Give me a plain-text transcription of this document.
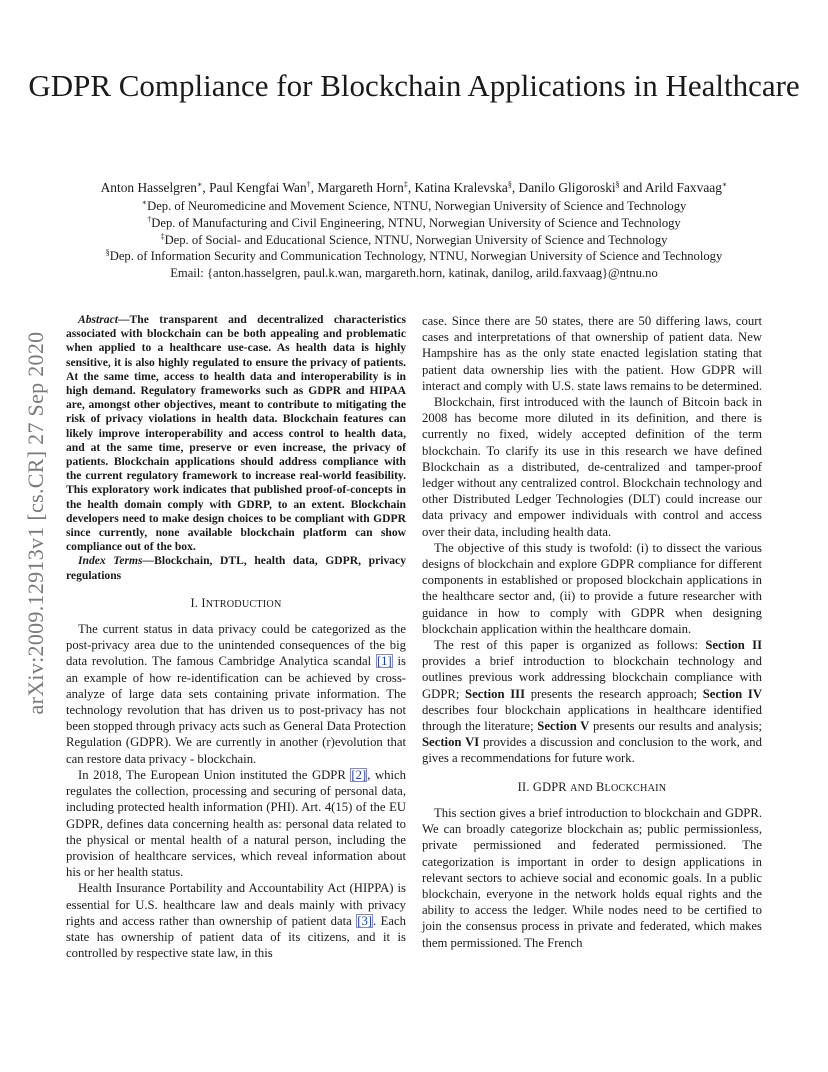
GDPR Compliance for Blockchain Applications in Healthcare
Anton Hasselgren∗, Paul Kengfai Wan†, Margareth Horn‡, Katina Kralevska§, Danilo Gligoroski§ and Arild Faxvaag∗
∗Dep. of Neuromedicine and Movement Science, NTNU, Norwegian University of Science and Technology
†Dep. of Manufacturing and Civil Engineering, NTNU, Norwegian University of Science and Technology
‡Dep. of Social- and Educational Science, NTNU, Norwegian University of Science and Technology
§Dep. of Information Security and Communication Technology, NTNU, Norwegian University of Science and Technology
Email: {anton.hasselgren, paul.k.wan, margareth.horn, katinak, danilog, arild.faxvaag}@ntnu.no
arXiv:2009.12913v1 [cs.CR] 27 Sep 2020

Abstract—The transparent and decentralized characteristics associated with blockchain can be both appealing and problematic when applied to a healthcare use-case. As health data is highly sensitive, it is also highly regulated to ensure the privacy of patients. At the same time, access to health data and interoperability is in high demand. Regulatory frameworks such as GDPR and HIPAA are, amongst other objectives, meant to contribute to mitigating the risk of privacy violations in health data. Blockchain features can likely improve interoperability and access control to health data, and at the same time, preserve or even increase, the privacy of patients. Blockchain applications should address compliance with the current regulatory framework to increase real-world feasibility. This exploratory work indicates that published proof-of-concepts in the health domain comply with GDRP, to an extent. Blockchain developers need to make design choices to be compliant with GDPR since currently, none available blockchain platform can show compliance out of the box.

Index Terms—Blockchain, DTL, health data, GDPR, privacy regulations

I. INTRODUCTION

The current status in data privacy could be categorized as the post-privacy area due to the unintended consequences of the big data revolution. The famous Cambridge Analytica scandal [1] is an example of how re-identification can be achieved by cross-analyze of large data sets containing private information. The technology revolution that has driven us to post-privacy has not been stopped through privacy acts such as General Data Protection Regulation (GDPR). We are currently in another (r)evolution that can restore data privacy - blockchain.

In 2018, The European Union instituted the GDPR [2], which regulates the collection, processing and securing of personal data, including protected health information (PHI). Art. 4(15) of the EU GDPR, defines data concerning health as: personal data related to the physical or mental health of a natural person, including the provision of healthcare services, which reveal information about his or her health status.

Health Insurance Portability and Accountability Act (HIPPA) is essential for U.S. healthcare law and deals mainly with privacy rights and access rather than ownership of patient data [3]. Each state has ownership of patient data of its citizens, and it is controlled by respective state law, in this

case. Since there are 50 states, there are 50 differing laws, court cases and interpretations of that ownership of patient data. New Hampshire has as the only state enacted legislation stating that patient data ownership lies with the patient. How GDPR will interact and comply with U.S. state laws remains to be determined.

Blockchain, first introduced with the launch of Bitcoin back in 2008 has become more diluted in its definition, and there is currently no fixed, widely accepted definition of the term blockchain. To clarify its use in this research we have defined Blockchain as a distributed, de-centralized and tamper-proof ledger without any centralized control. Blockchain technology and other Distributed Ledger Technologies (DLT) could increase our data privacy and empower individuals with control and access over their data, including health data.

The objective of this study is twofold: (i) to dissect the various designs of blockchain and explore GDPR compliance for different components in established or proposed blockchain applications in the healthcare sector and, (ii) to provide a future researcher with guidance in how to comply with GDPR when designing blockchain application within the healthcare domain.

The rest of this paper is organized as follows: Section II provides a brief introduction to blockchain technology and outlines previous work addressing blockchain compliance with GDPR; Section III presents the research approach; Section IV describes four blockchain applications in healthcare identified through the literature; Section V presents our results and analysis; Section VI provides a discussion and conclusion to the work, and gives a recommendations for future work.

II. GDPR AND BLOCKCHAIN

This section gives a brief introduction to blockchain and GDPR. We can broadly categorize blockchain as; public permissionless, private permissioned and federated permissioned. The categorization is important in order to design applications in relevant sectors to achieve social and economic goals. In a public blockchain, everyone in the network holds equal rights and the ability to access the ledger. While nodes need to be certified to join the consensus process in private and federated, which makes them permissioned. The French
